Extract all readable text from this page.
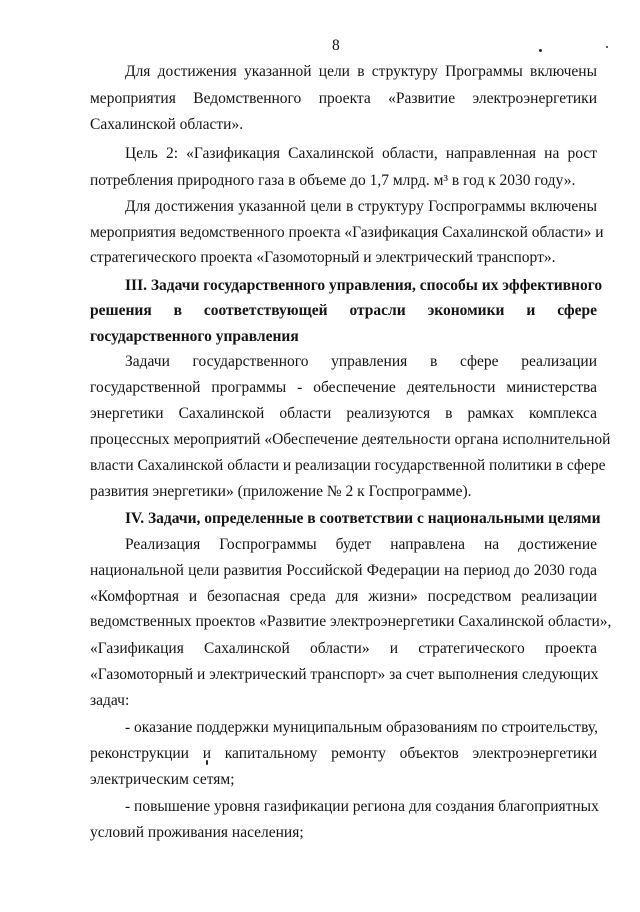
8
Для достижения указанной цели в структуру Программы включены
мероприятия Ведомственного проекта «Развитие электроэнергетики
Сахалинской области».
Цель 2: «Газификация Сахалинской области, направленная на рост
потребления природного газа в объеме до 1,7 млрд. м³ в год к 2030 году».
Для достижения указанной цели в структуру Госпрограммы включены
мероприятия ведомственного проекта «Газификация Сахалинской области» и
стратегического проекта «Газомоторный и электрический транспорт».
III. Задачи государственного управления, способы их эффективного
решения в соответствующей отрасли экономики и сфере
государственного управления
Задачи государственного управления в сфере реализации
государственной программы - обеспечение деятельности министерства
энергетики Сахалинской области реализуются в рамках комплекса
процессных мероприятий «Обеспечение деятельности органа исполнительной
власти Сахалинской области и реализации государственной политики в сфере
развития энергетики» (приложение № 2 к Госпрограмме).
IV. Задачи, определенные в соответствии с национальными целями
Реализация Госпрограммы будет направлена на достижение
национальной цели развития Российской Федерации на период до 2030 года
«Комфортная и безопасная среда для жизни» посредством реализации
ведомственных проектов «Развитие электроэнергетики Сахалинской области»,
«Газификация Сахалинской области» и стратегического проекта
«Газомоторный и электрический транспорт» за счет выполнения следующих
задач:
- оказание поддержки муниципальным образованиям по строительству,
реконструкции и капитальному ремонту объектов электроэнергетики
электрическим сетям;
- повышение уровня газификации региона для создания благоприятных
условий проживания населения;
